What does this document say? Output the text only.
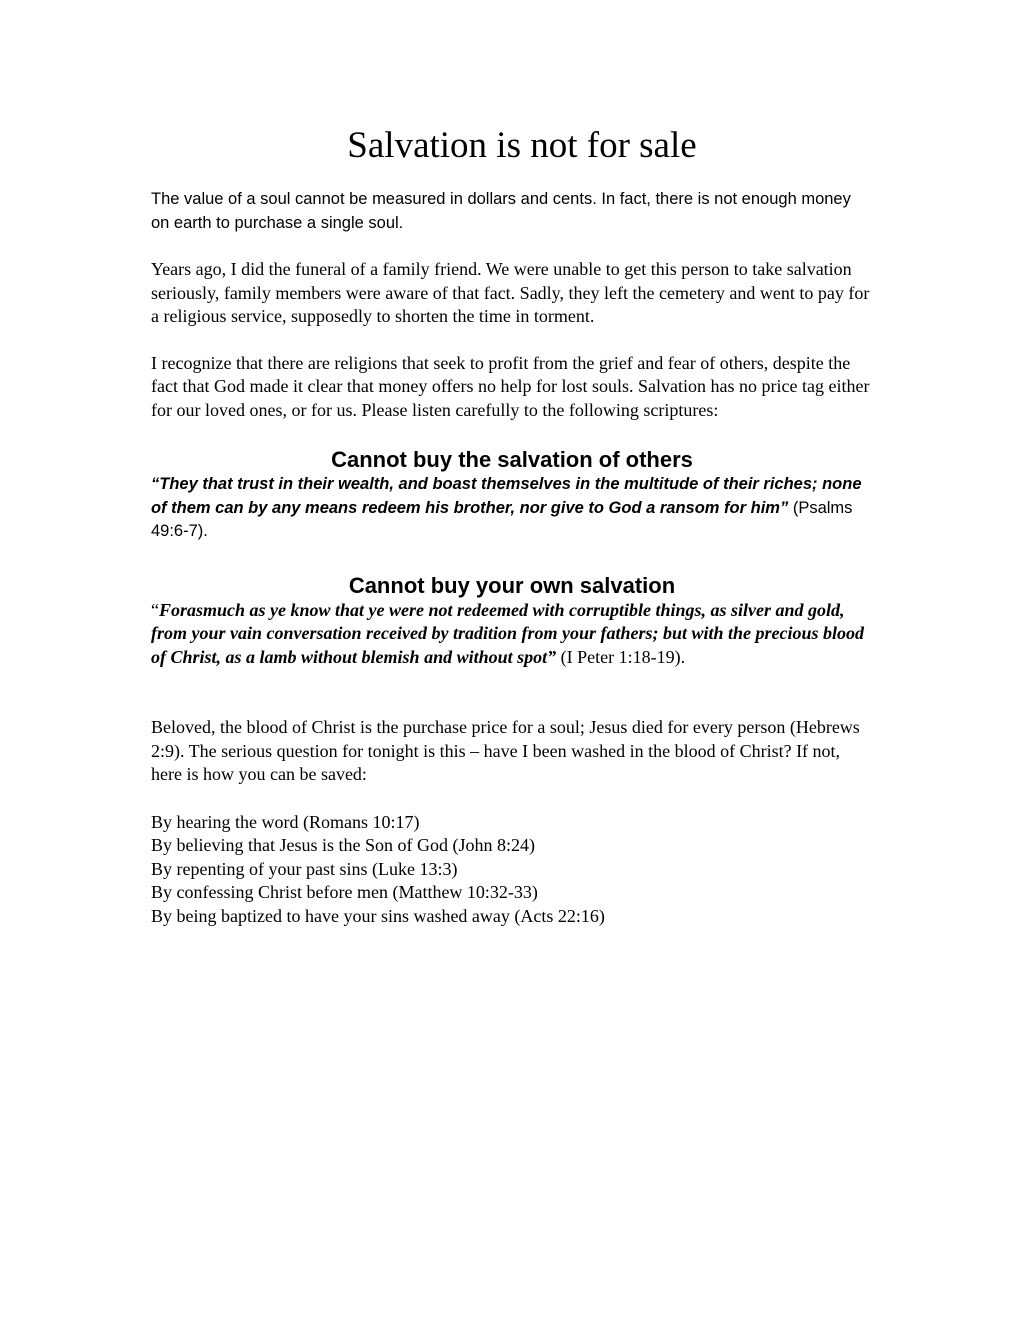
Salvation is not for sale

The value of a soul cannot be measured in dollars and cents. In fact, there is not enough money on earth to purchase a single soul.

Years ago, I did the funeral of a family friend. We were unable to get this person to take salvation seriously, family members were aware of that fact. Sadly, they left the cemetery and went to pay for a religious service, supposedly to shorten the time in torment.

I recognize that there are religions that seek to profit from the grief and fear of others, despite the fact that God made it clear that money offers no help for lost souls. Salvation has no price tag either for our loved ones, or for us. Please listen carefully to the following scriptures:

Cannot buy the salvation of others

“They that trust in their wealth, and boast themselves in the multitude of their riches; none of them can by any means redeem his brother, nor give to God a ransom for him” (Psalms 49:6-7).

Cannot buy your own salvation

“Forasmuch as ye know that ye were not redeemed with corruptible things, as silver and gold, from your vain conversation received by tradition from your fathers; but with the precious blood of Christ, as a lamb without blemish and without spot” (I Peter 1:18-19).

Beloved, the blood of Christ is the purchase price for a soul; Jesus died for every person (Hebrews 2:9). The serious question for tonight is this – have I been washed in the blood of Christ? If not, here is how you can be saved:

By hearing the word (Romans 10:17)
By believing that Jesus is the Son of God (John 8:24)
By repenting of your past sins (Luke 13:3)
By confessing Christ before men (Matthew 10:32-33)
By being baptized to have your sins washed away (Acts 22:16)
